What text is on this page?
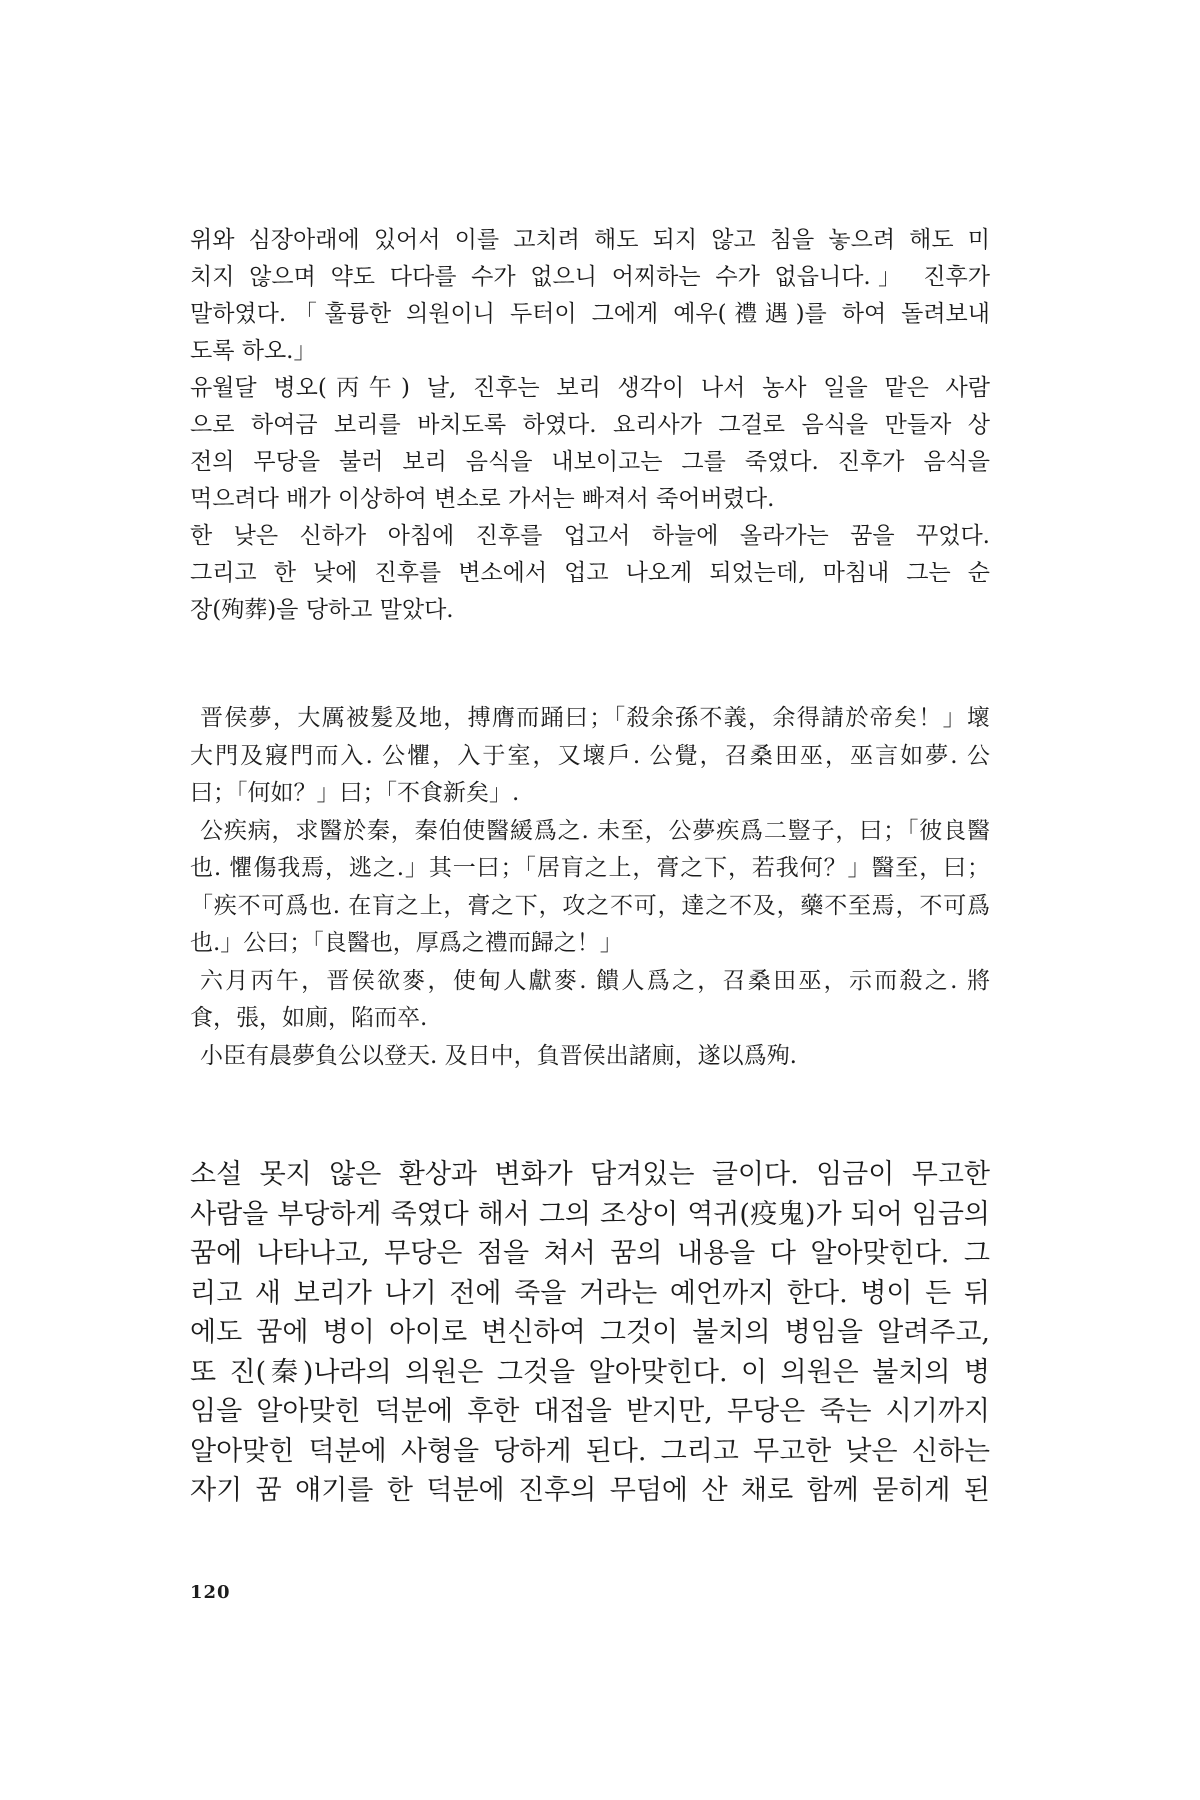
위와 심장아래에 있어서 이를 고치려 해도 되지 않고 침을 놓으려 해도 미
치지 않으며 약도 다다를 수가 없으니 어찌하는 수가 없읍니다.」 진후가
말하였다.「훌륭한 의원이니 두터이 그에게 예우(禮遇)를 하여 돌려보내
도록 하오.」
유월달 병오(丙午) 날, 진후는 보리 생각이 나서 농사 일을 맡은 사람
으로 하여금 보리를 바치도록 하였다. 요리사가 그걸로 음식을 만들자 상
전의 무당을 불러 보리 음식을 내보이고는 그를 죽였다. 진후가 음식을
먹으려다 배가 이상하여 변소로 가서는 빠져서 죽어버렸다.
한 낮은 신하가 아침에 진후를 업고서 하늘에 올라가는 꿈을 꾸었다.
그리고 한 낮에 진후를 변소에서 업고 나오게 되었는데, 마침내 그는 순
장(殉葬)을 당하고 말았다.
晋侯夢，大厲被髮及地，搏膺而踊曰；「殺余孫不義，余得請於帝矣！」壞
大門及寢門而入. 公懼，入于室，又壞戶. 公覺，召桑田巫，巫言如夢. 公
曰；「何如？」曰；「不食新矣」.
公疾病，求醫於秦，秦伯使醫緩爲之. 未至，公夢疾爲二豎子，曰；「彼良醫
也. 懼傷我焉，逃之.」其一曰；「居肓之上，膏之下，若我何？」醫至，曰；
「疾不可爲也. 在肓之上，膏之下，攻之不可，達之不及，藥不至焉，不可爲
也.」公曰；「良醫也，厚爲之禮而歸之！」
六月丙午，晋侯欲麥，使甸人獻麥. 饋人爲之，召桑田巫，示而殺之. 將
食，張，如廁，陷而卒.
小臣有晨夢負公以登天. 及日中，負晋侯出諸廁，遂以爲殉.
소설 못지 않은 환상과 변화가 담겨있는 글이다. 임금이 무고한
사람을 부당하게 죽였다 해서 그의 조상이 역귀(疫鬼)가 되어 임금의
꿈에 나타나고, 무당은 점을 쳐서 꿈의 내용을 다 알아맞힌다. 그
리고 새 보리가 나기 전에 죽을 거라는 예언까지 한다. 병이 든 뒤
에도 꿈에 병이 아이로 변신하여 그것이 불치의 병임을 알려주고,
또 진(秦)나라의 의원은 그것을 알아맞힌다. 이 의원은 불치의 병
임을 알아맞힌 덕분에 후한 대접을 받지만, 무당은 죽는 시기까지
알아맞힌 덕분에 사형을 당하게 된다. 그리고 무고한 낮은 신하는
자기 꿈 얘기를 한 덕분에 진후의 무덤에 산 채로 함께 묻히게 된
120
